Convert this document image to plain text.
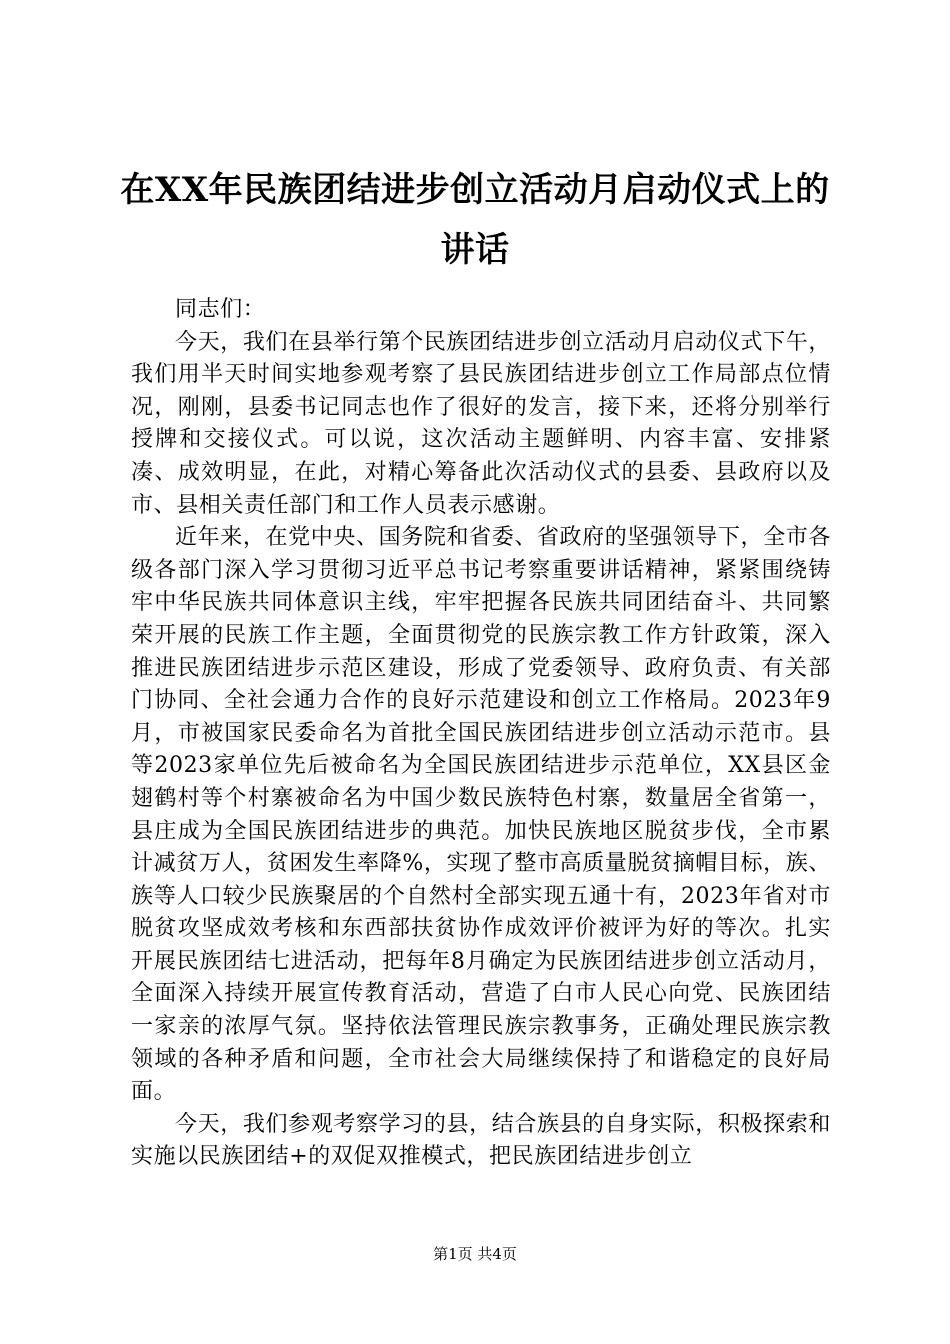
在XX年民族团结进步创立活动月启动仪式上的讲话

同志们：

今天，我们在县举行第个民族团结进步创立活动月启动仪式下午，我们用半天时间实地参观考察了县民族团结进步创立工作局部点位情况，刚刚，县委书记同志也作了很好的发言，接下来，还将分别举行授牌和交接仪式。可以说，这次活动主题鲜明、内容丰富、安排紧凑、成效明显，在此，对精心筹备此次活动仪式的县委、县政府以及市、县相关责任部门和工作人员表示感谢。

近年来，在党中央、国务院和省委、省政府的坚强领导下，全市各级各部门深入学习贯彻习近平总书记考察重要讲话精神，紧紧围绕铸牢中华民族共同体意识主线，牢牢把握各民族共同团结奋斗、共同繁荣开展的民族工作主题，全面贯彻党的民族宗教工作方针政策，深入推进民族团结进步示范区建设，形成了党委领导、政府负责、有关部门协同、全社会通力合作的良好示范建设和创立工作格局。2023年9月，市被国家民委命名为首批全国民族团结进步创立活动示范市。县等2023家单位先后被命名为全国民族团结进步示范单位，XX县区金翅鹤村等个村寨被命名为中国少数民族特色村寨，数量居全省第一，县庄成为全国民族团结进步的典范。加快民族地区脱贫步伐，全市累计减贫万人，贫困发生率降%，实现了整市高质量脱贫摘帽目标，族、族等人口较少民族聚居的个自然村全部实现五通十有，2023年省对市脱贫攻坚成效考核和东西部扶贫协作成效评价被评为好的等次。扎实开展民族团结七进活动，把每年8月确定为民族团结进步创立活动月，全面深入持续开展宣传教育活动，营造了白市人民心向党、民族团结一家亲的浓厚气氛。坚持依法管理民族宗教事务，正确处理民族宗教领域的各种矛盾和问题，全市社会大局继续保持了和谐稳定的良好局面。

今天，我们参观考察学习的县，结合族县的自身实际，积极探索和实施以民族团结+的双促双推模式，把民族团结进步创立

第1页 共4页
